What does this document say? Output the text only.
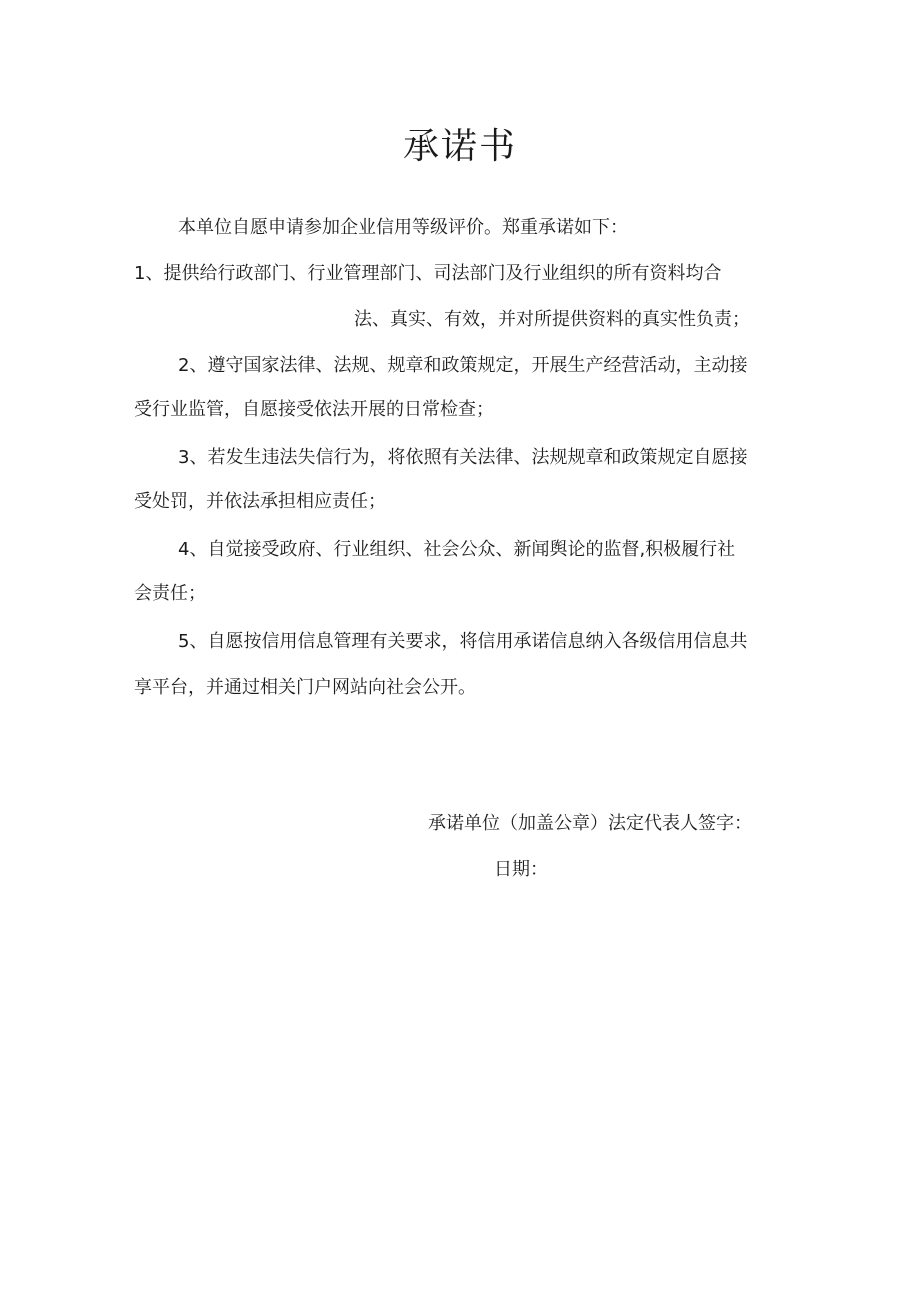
承诺书
本单位自愿申请参加企业信用等级评价。郑重承诺如下：
1、提供给行政部门、行业管理部门、司法部门及行业组织的所有资料均合
法、真实、有效，并对所提供资料的真实性负责；
2、遵守国家法律、法规、规章和政策规定，开展生产经营活动，主动接
受行业监管，自愿接受依法开展的日常检查；
3、若发生违法失信行为，将依照有关法律、法规规章和政策规定自愿接
受处罚，并依法承担相应责任；
4、自觉接受政府、行业组织、社会公众、新闻舆论的监督,积极履行社
会责任；
5、自愿按信用信息管理有关要求，将信用承诺信息纳入各级信用信息共
享平台，并通过相关门户网站向社会公开。
承诺单位（加盖公章）法定代表人签字：
日期：
